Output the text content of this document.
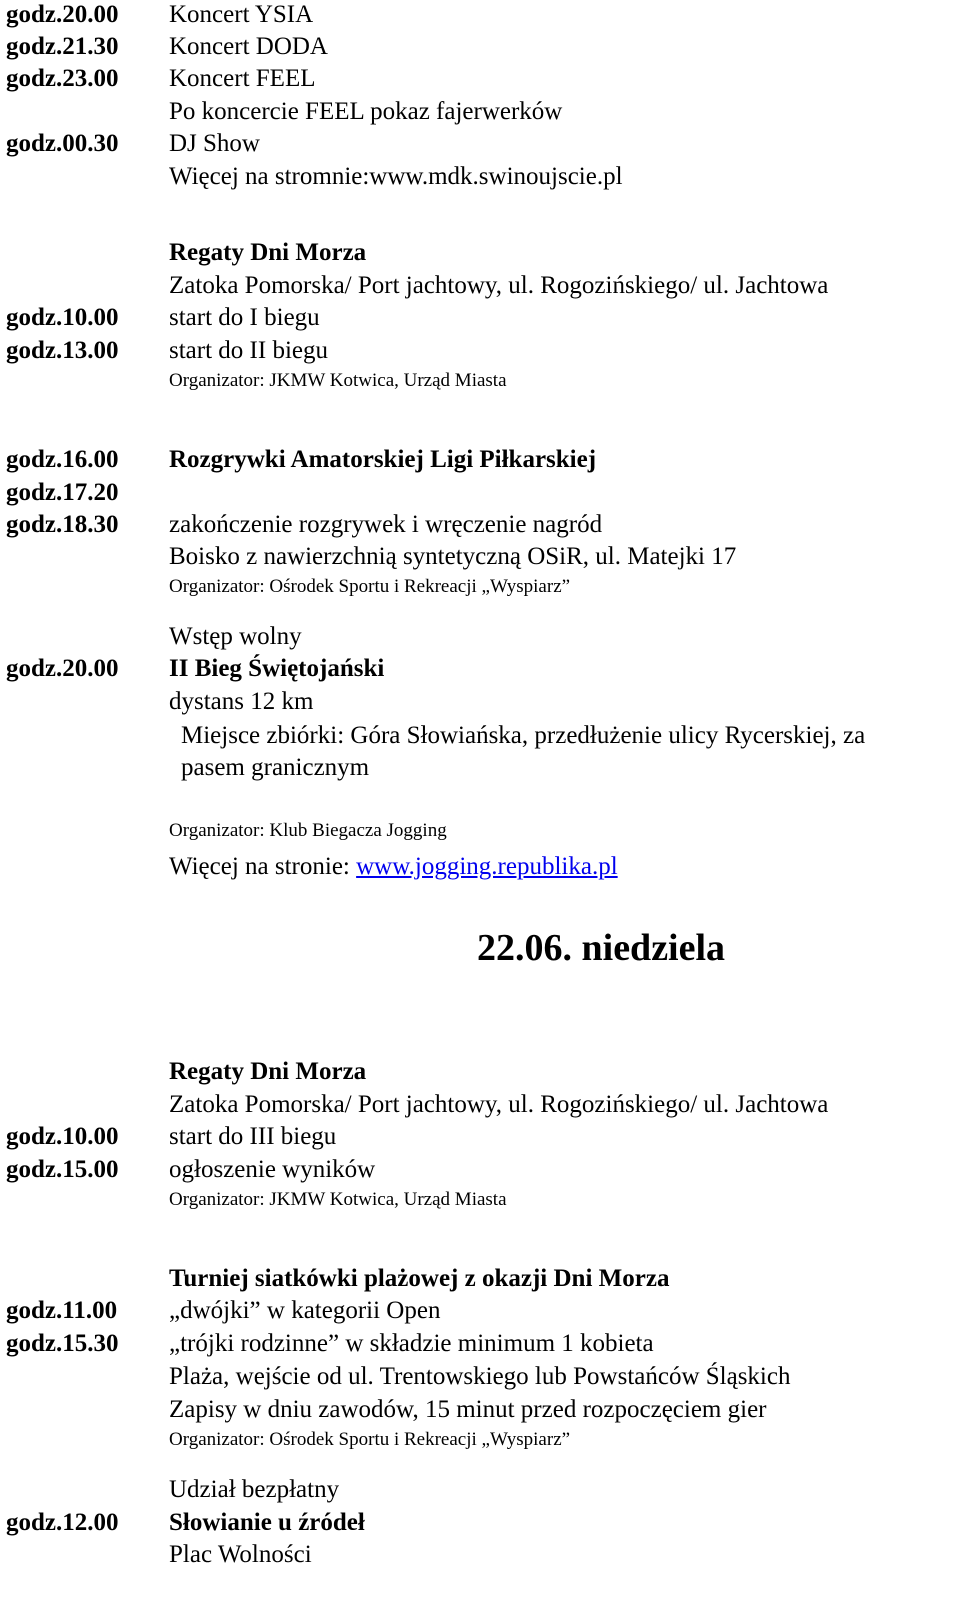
godz.20.00
godz.21.30
godz.23.00
godz.00.30
godz.10.00
godz.13.00
godz.16.00
godz.17.20
godz.18.30
godz.20.00
godz.10.00
godz.15.00
godz.11.00
godz.15.30
godz.12.00
Koncert YSIA
Koncert DODA
Koncert FEEL
Po koncercie FEEL pokaz fajerwerków
DJ Show
Więcej na stromnie:www.mdk.swinoujscie.pl
Regaty Dni Morza
Zatoka Pomorska/ Port jachtowy, ul. Rogozińskiego/ ul. Jachtowa
start do I biegu
start do II biegu
Organizator: JKMW Kotwica, Urząd Miasta
Rozgrywki Amatorskiej Ligi Piłkarskiej
zakończenie rozgrywek i wręczenie nagród
Boisko z nawierzchnią syntetyczną OSiR, ul. Matejki 17
Organizator: Ośrodek Sportu i Rekreacji „Wyspiarz”
Wstęp wolny
II Bieg Świętojański
dystans 12 km
Miejsce zbiórki: Góra Słowiańska, przedłużenie ulicy Rycerskiej, za
pasem granicznym
Organizator: Klub Biegacza Jogging
Więcej na stronie: www.jogging.republika.pl
22.06. niedziela
Regaty Dni Morza
Zatoka Pomorska/ Port jachtowy, ul. Rogozińskiego/ ul. Jachtowa
start do III biegu
ogłoszenie wyników
Organizator: JKMW Kotwica, Urząd Miasta
Turniej siatkówki plażowej z okazji Dni Morza
„dwójki” w kategorii Open
„trójki rodzinne” w składzie minimum 1 kobieta
Plaża, wejście od ul. Trentowskiego lub Powstańców Śląskich
Zapisy w dniu zawodów, 15 minut przed rozpoczęciem gier
Organizator: Ośrodek Sportu i Rekreacji „Wyspiarz”
Udział bezpłatny
Słowianie u źródeł
Plac Wolności
